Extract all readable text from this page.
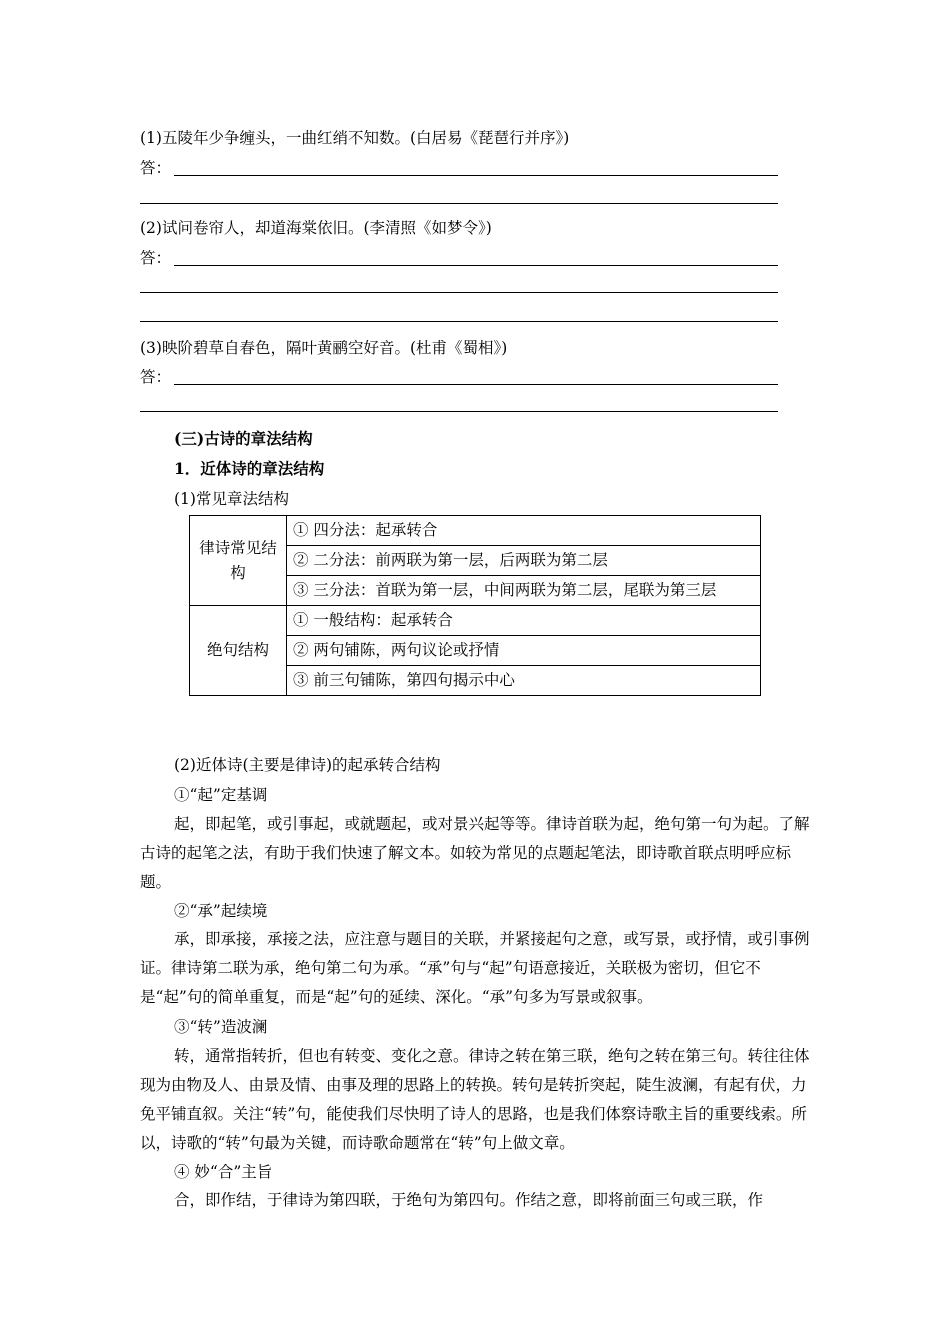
(1)五陵年少争缠头，一曲红绡不知数。(白居易《琵琶行并序》)
答：
(2)试问卷帘人，却道海棠依旧。(李清照《如梦令》)
答：
(3)映阶碧草自春色，隔叶黄鹂空好音。(杜甫《蜀相》)
答：
(三)古诗的章法结构
1．近体诗的章法结构
(1)常见章法结构
律诗常见结构	① 四分法：起承转合
	② 二分法：前两联为第一层，后两联为第二层
	③ 三分法：首联为第一层，中间两联为第二层，尾联为第三层
绝句结构	① 一般结构：起承转合
	② 两句铺陈，两句议论或抒情
	③ 前三句铺陈，第四句揭示中心
(2)近体诗(主要是律诗)的起承转合结构
①“起”定基调
起，即起笔，或引事起，或就题起，或对景兴起等等。律诗首联为起，绝句第一句为起。了解古诗的起笔之法，有助于我们快速了解文本。如较为常见的点题起笔法，即诗歌首联点明呼应标题。
②“承”起续境
承，即承接，承接之法，应注意与题目的关联，并紧接起句之意，或写景，或抒情，或引事例证。律诗第二联为承，绝句第二句为承。“承”句与“起”句语意接近，关联极为密切，但它不是“起”句的简单重复，而是“起”句的延续、深化。“承”句多为写景或叙事。
③“转”造波澜
转，通常指转折，但也有转变、变化之意。律诗之转在第三联，绝句之转在第三句。转往往体现为由物及人、由景及情、由事及理的思路上的转换。转句是转折突起，陡生波澜，有起有伏，力免平铺直叙。关注“转”句，能使我们尽快明了诗人的思路，也是我们体察诗歌主旨的重要线索。所以，诗歌的“转”句最为关键，而诗歌命题常在“转”句上做文章。
④ 妙“合”主旨
合，即作结，于律诗为第四联，于绝句为第四句。作结之意，即将前面三句或三联，作
